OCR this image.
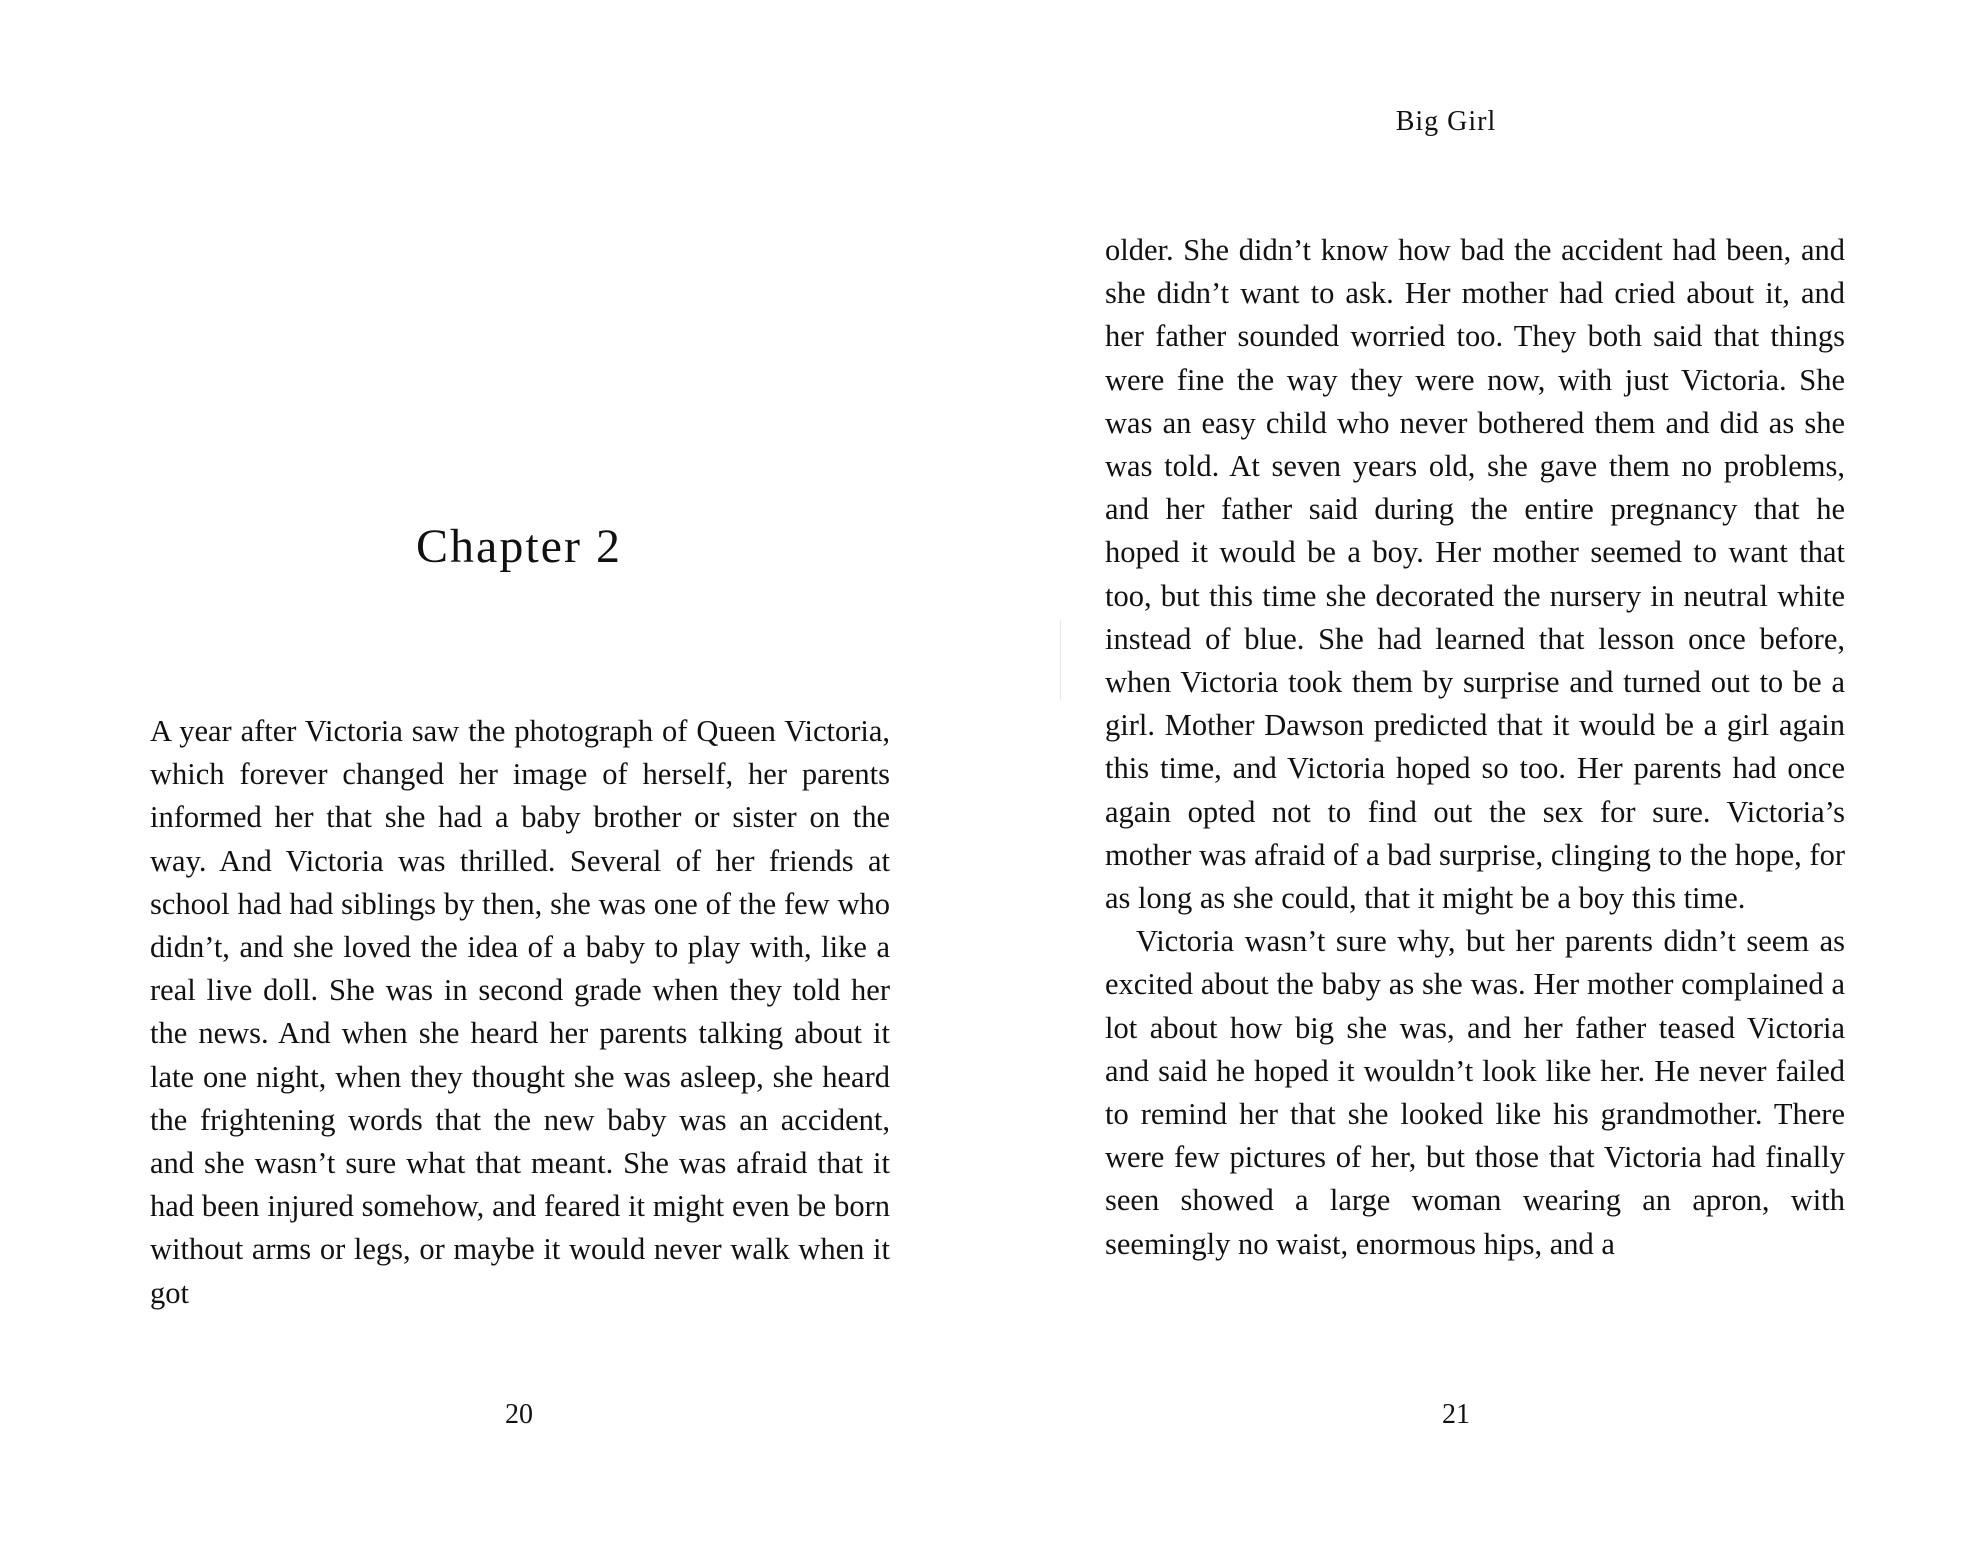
Chapter 2

A year after Victoria saw the photograph of Queen Victoria, which forever changed her image of herself, her parents informed her that she had a baby brother or sister on the way. And Victoria was thrilled. Several of her friends at school had had siblings by then, she was one of the few who didn’t, and she loved the idea of a baby to play with, like a real live doll. She was in second grade when they told her the news. And when she heard her parents talking about it late one night, when they thought she was asleep, she heard the frightening words that the new baby was an accident, and she wasn’t sure what that meant. She was afraid that it had been injured somehow, and feared it might even be born without arms or legs, or maybe it would never walk when it got

20
Big Girl

older. She didn’t know how bad the accident had been, and she didn’t want to ask. Her mother had cried about it, and her father sounded worried too. They both said that things were fine the way they were now, with just Victoria. She was an easy child who never bothered them and did as she was told. At seven years old, she gave them no problems, and her father said during the entire pregnancy that he hoped it would be a boy. Her mother seemed to want that too, but this time she decorated the nursery in neutral white instead of blue. She had learned that lesson once before, when Victoria took them by surprise and turned out to be a girl. Mother Dawson predicted that it would be a girl again this time, and Victoria hoped so too. Her parents had once again opted not to find out the sex for sure. Victoria’s mother was afraid of a bad surprise, clinging to the hope, for as long as she could, that it might be a boy this time.

Victoria wasn’t sure why, but her parents didn’t seem as excited about the baby as she was. Her mother complained a lot about how big she was, and her father teased Victoria and said he hoped it wouldn’t look like her. He never failed to remind her that she looked like his grandmother. There were few pictures of her, but those that Victoria had finally seen showed a large woman wearing an apron, with seemingly no waist, enormous hips, and a

21
